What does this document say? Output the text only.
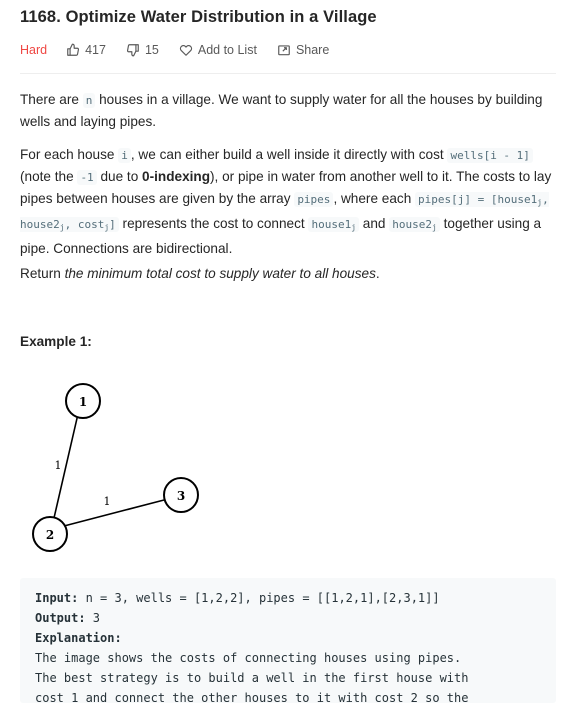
1168. Optimize Water Distribution in a Village
Hard	417	15	Add to List	Share

There are n houses in a village. We want to supply water for all the houses by building wells and laying pipes.

For each house i , we can either build a well inside it directly with cost wells[i - 1] (note the -1 due to 0-indexing), or pipe in water from another well to it. The costs to lay pipes between houses are given by the array pipes , where each pipes[j] = [$house1_j$, $house2_j$, cost$_j$] represents the cost to connect $house1_j$ and $house2_j$ together using a pipe. Connections are bidirectional.

Return the minimum total cost to supply water to all houses.

Example 1:
1
2
3
1
1
Input: n = 3, wells = [1,2,2], pipes = [[1,2,1],[2,3,1]]
Output: 3
Explanation:
The image shows the costs of connecting houses using pipes.
The best strategy is to build a well in the first house with
cost 1 and connect the other houses to it with cost 2 so the
